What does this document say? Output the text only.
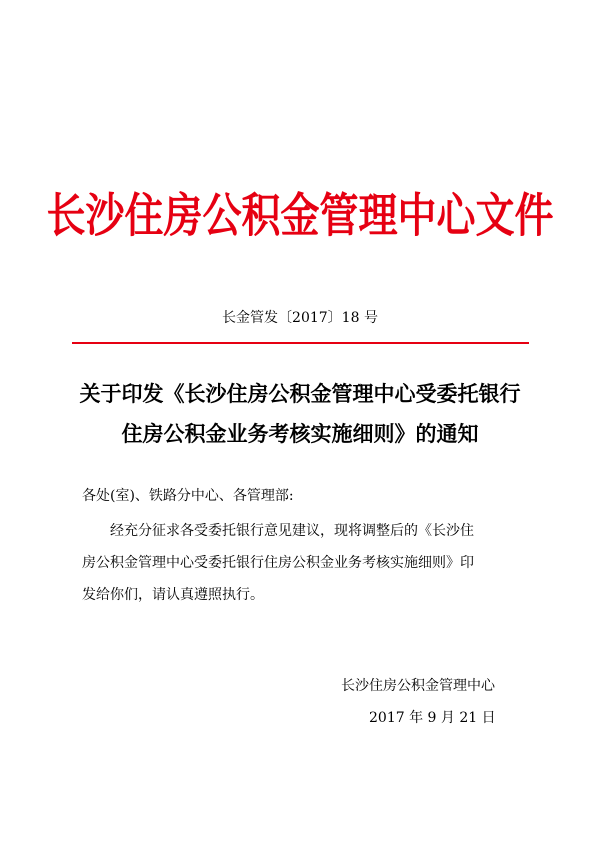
长沙住房公积金管理中心文件
长金管发〔2017〕18 号
关于印发《长沙住房公积金管理中心受委托银行
住房公积金业务考核实施细则》的通知
各处(室)、铁路分中心、各管理部:
经充分征求各受委托银行意见建议，现将调整后的《长沙住
房公积金管理中心受委托银行住房公积金业务考核实施细则》印
发给你们，请认真遵照执行。
长沙住房公积金管理中心
2017 年 9 月 21 日
